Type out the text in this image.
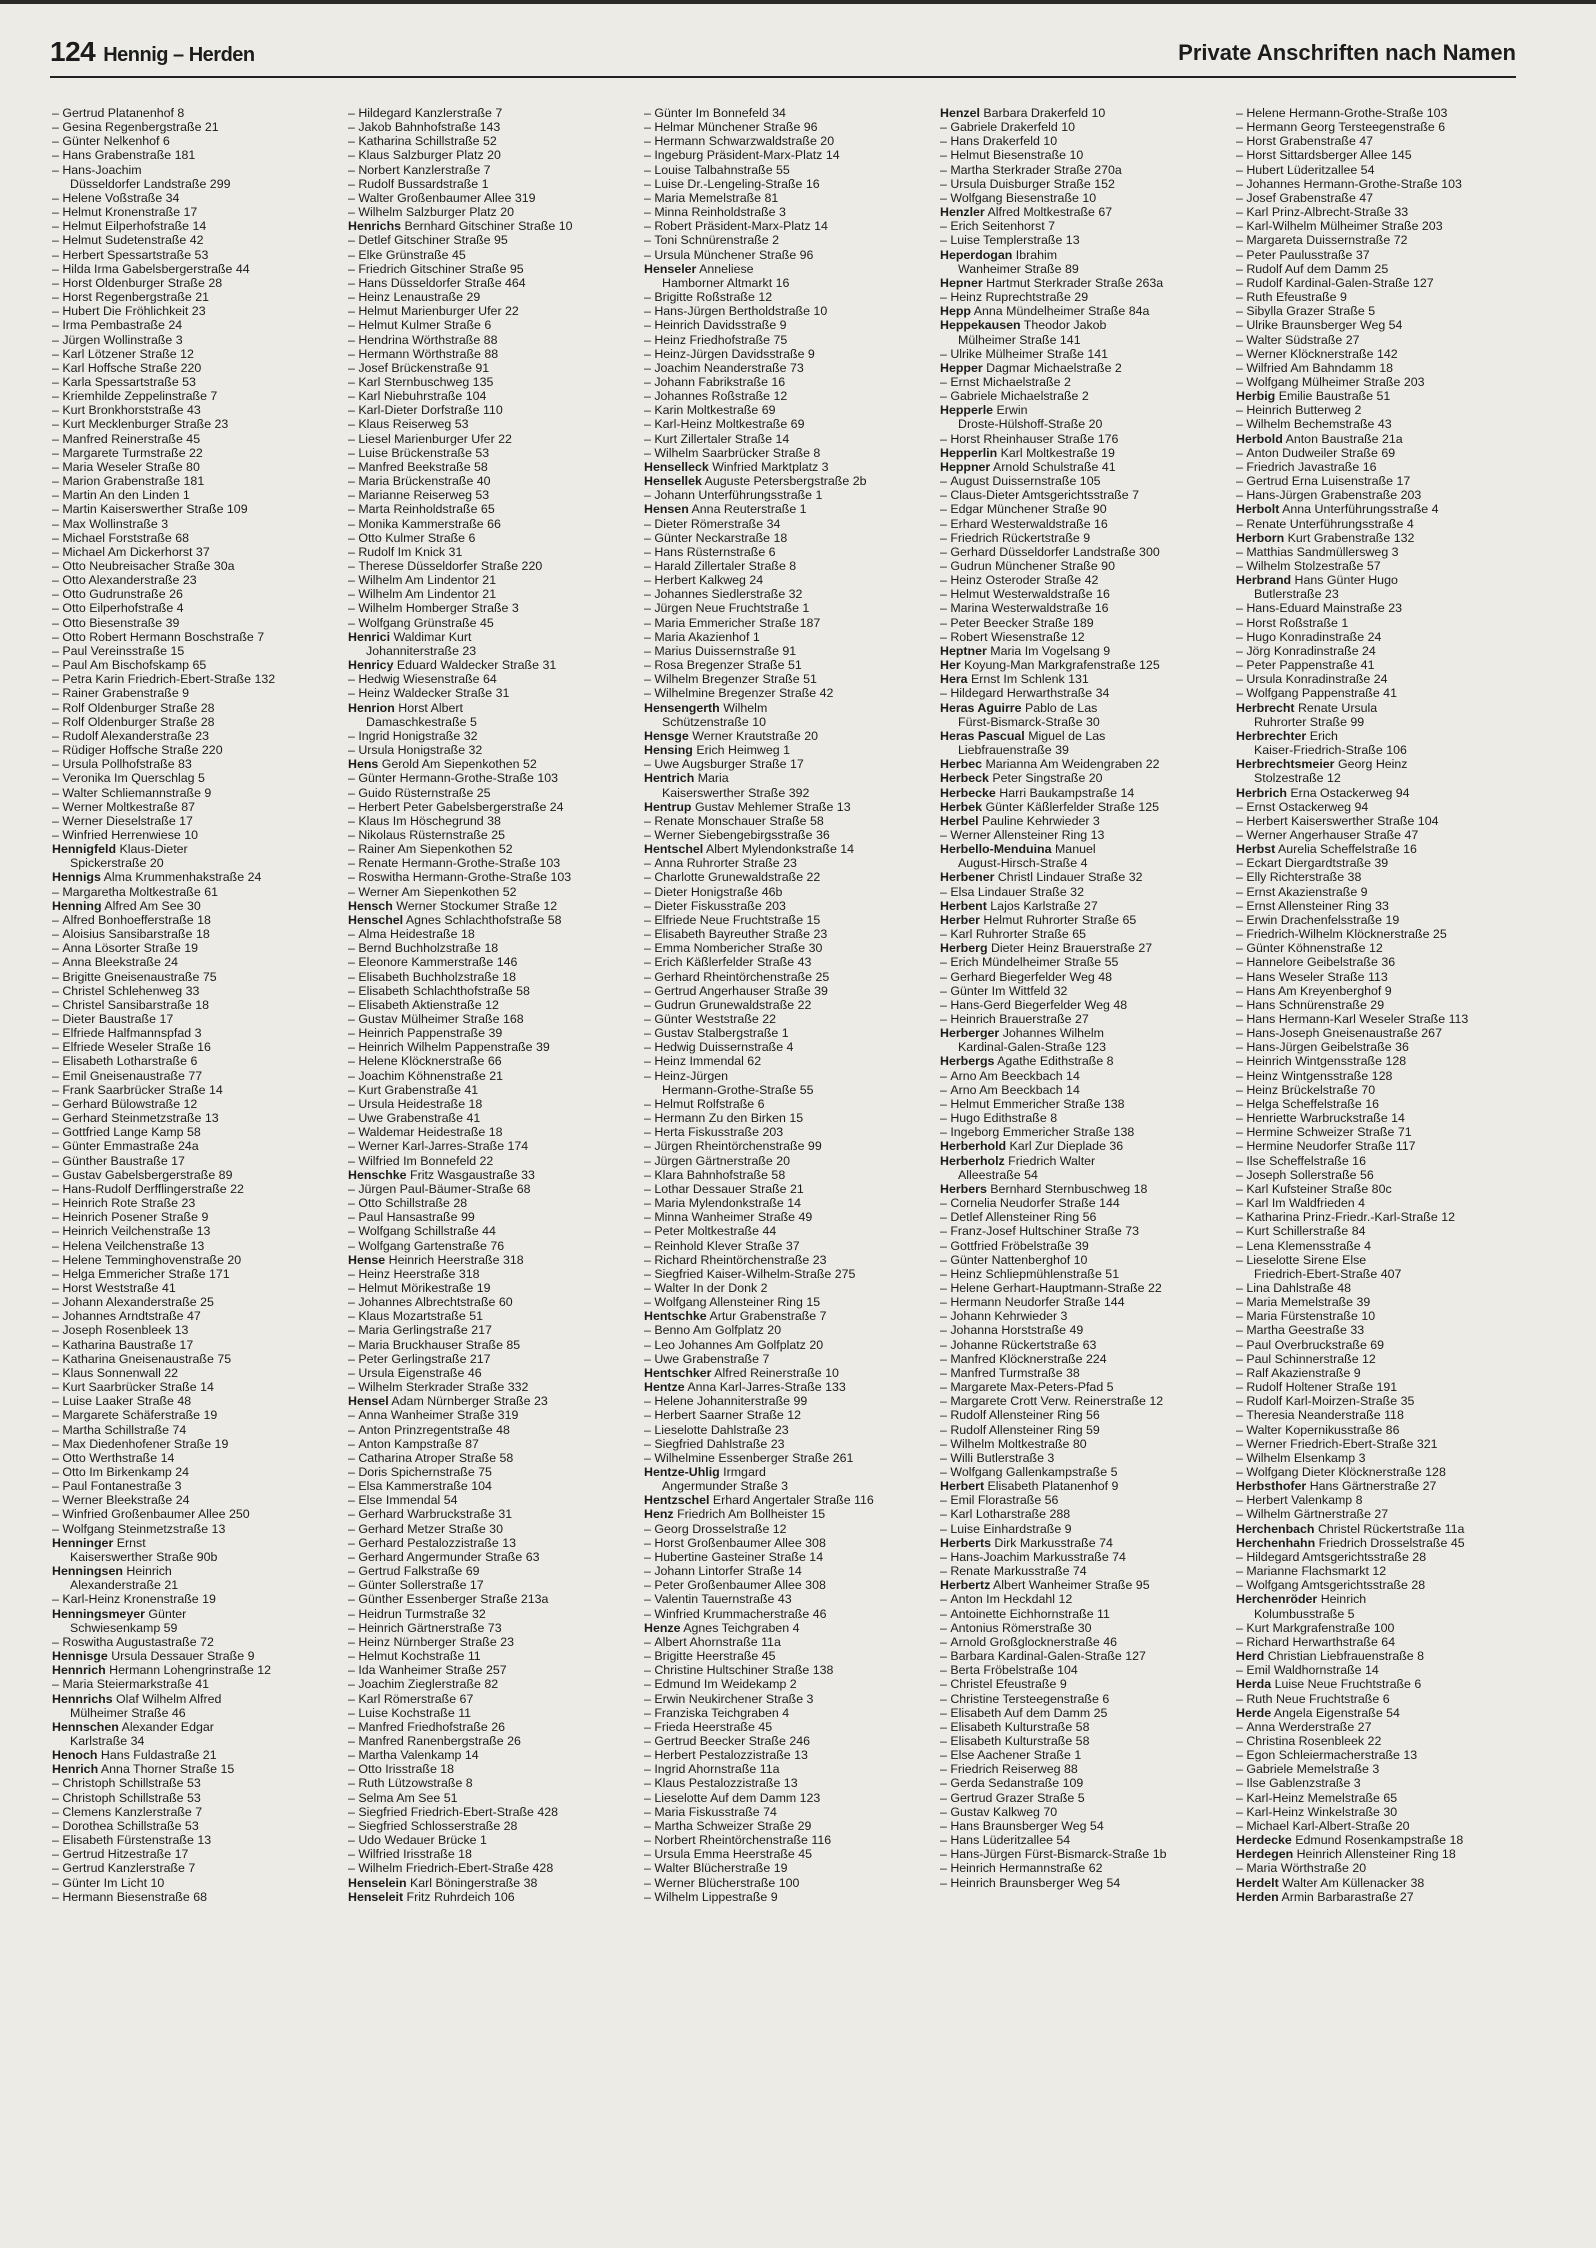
124 Hennig – Herden	Private Anschriften nach Namen
– Gertrud Platanenhof 8
– Gesina Regenbergstraße 21
– Günter Nelkenhof 6
– Hans Grabenstraße 181
– Hans-Joachim
Düsseldorfer Landstraße 299
– Helene Voßstraße 34
– Helmut Kronenstraße 17
– Helmut Eilperhofstraße 14
– Helmut Sudetenstraße 42
– Herbert Spessartstraße 53
– Hilda Irma Gabelsbergerstraße 44
– Horst Oldenburger Straße 28
– Horst Regenbergstraße 21
– Hubert Die Fröhlichkeit 23
– Irma Pembastraße 24
– Jürgen Wollinstraße 3
– Karl Lötzener Straße 12
– Karl Hoffsche Straße 220
– Karla Spessartstraße 53
– Kriemhilde Zeppelinstraße 7
– Kurt Bronkhorststraße 43
– Kurt Mecklenburger Straße 23
– Manfred Reinerstraße 45
– Margarete Turmstraße 22
– Maria Weseler Straße 80
– Marion Grabenstraße 181
– Martin An den Linden 1
– Martin Kaiserswerther Straße 109
– Max Wollinstraße 3
– Michael Forststraße 68
– Michael Am Dickerhorst 37
– Otto Neubreisacher Straße 30a
– Otto Alexanderstraße 23
– Otto Gudrunstraße 26
– Otto Eilperhofstraße 4
– Otto Biesenstraße 39
– Otto Robert Hermann Boschstraße 7
– Paul Vereinsstraße 15
– Paul Am Bischofskamp 65
– Petra Karin Friedrich-Ebert-Straße 132
– Rainer Grabenstraße 9
– Rolf Oldenburger Straße 28
– Rolf Oldenburger Straße 28
– Rudolf Alexanderstraße 23
– Rüdiger Hoffsche Straße 220
– Ursula Pollhofstraße 83
– Veronika Im Querschlag 5
– Walter Schliemannstraße 9
– Werner Moltkestraße 87
– Werner Dieselstraße 17
– Winfried Herrenwiese 10
Hennigfeld Klaus-Dieter
Spickerstraße 20
Hennigs Alma Krummenhakstraße 24
– Margaretha Moltkestraße 61
Henning Alfred Am See 30
– Alfred Bonhoefferstraße 18
– Aloisius Sansibarstraße 18
– Anna Lösorter Straße 19
– Anna Bleekstraße 24
– Brigitte Gneisenaustraße 75
– Christel Schlehenweg 33
– Christel Sansibarstraße 18
– Dieter Baustraße 17
– Elfriede Halfmannspfad 3
– Elfriede Weseler Straße 16
– Elisabeth Lotharstraße 6
– Emil Gneisenaustraße 77
– Frank Saarbrücker Straße 14
– Gerhard Bülowstraße 12
– Gerhard Steinmetzstraße 13
– Gottfried Lange Kamp 58
– Günter Emmastraße 24a
– Günther Baustraße 17
– Gustav Gabelsbergerstraße 89
– Hans-Rudolf Derfflingerstraße 22
– Heinrich Rote Straße 23
– Heinrich Posener Straße 9
– Heinrich Veilchenstraße 13
– Helena Veilchenstraße 13
– Helene Temminghovenstraße 20
– Helga Emmericher Straße 171
– Horst Weststraße 41
– Johann Alexanderstraße 25
– Johannes Arndtstraße 47
– Joseph Rosenbleek 13
– Katharina Baustraße 17
– Katharina Gneisenaustraße 75
– Klaus Sonnenwall 22
– Kurt Saarbrücker Straße 14
– Luise Laaker Straße 48
– Margarete Schäferstraße 19
– Martha Schillstraße 74
– Max Diedenhofener Straße 19
– Otto Werthstraße 14
– Otto Im Birkenkamp 24
– Paul Fontanestraße 3
– Werner Bleekstraße 24
– Winfried Großenbaumer Allee 250
– Wolfgang Steinmetzstraße 13
Henninger Ernst
Kaiserswerther Straße 90b
Henningsen Heinrich
Alexanderstraße 21
– Karl-Heinz Kronenstraße 19
Henningsmeyer Günter
Schwiesenkamp 59
– Roswitha Augustastraße 72
Hennisge Ursula Dessauer Straße 9
Hennrich Hermann Lohengrinstraße 12
– Maria Steiermarkstraße 41
Hennrichs Olaf Wilhelm Alfred
Mülheimer Straße 46
Hennschen Alexander Edgar
Karlstraße 34
Henoch Hans Fuldastraße 21
Henrich Anna Thorner Straße 15
– Christoph Schillstraße 53
– Christoph Schillstraße 53
– Clemens Kanzlerstraße 7
– Dorothea Schillstraße 53
– Elisabeth Fürstenstraße 13
– Gertrud Hitzestraße 17
– Gertrud Kanzlerstraße 7
– Günter Im Licht 10
– Hermann Biesenstraße 68
– Hildegard Kanzlerstraße 7
– Jakob Bahnhofstraße 143
– Katharina Schillstraße 52
– Klaus Salzburger Platz 20
– Norbert Kanzlerstraße 7
– Rudolf Bussardstraße 1
– Walter Großenbaumer Allee 319
– Wilhelm Salzburger Platz 20
Henrichs Bernhard Gitschiner Straße 10
– Detlef Gitschiner Straße 95
– Elke Grünstraße 45
– Friedrich Gitschiner Straße 95
– Hans Düsseldorfer Straße 464
– Heinz Lenaustraße 29
– Helmut Marienburger Ufer 22
– Helmut Kulmer Straße 6
– Hendrina Wörthstraße 88
– Hermann Wörthstraße 88
– Josef Brückenstraße 91
– Karl Sternbuschweg 135
– Karl Niebuhrstraße 104
– Karl-Dieter Dorfstraße 110
– Klaus Reiserweg 53
– Liesel Marienburger Ufer 22
– Luise Brückenstraße 53
– Manfred Beekstraße 58
– Maria Brückenstraße 40
– Marianne Reiserweg 53
– Marta Reinholdstraße 65
– Monika Kammerstraße 66
– Otto Kulmer Straße 6
– Rudolf Im Knick 31
– Therese Düsseldorfer Straße 220
– Wilhelm Am Lindentor 21
– Wilhelm Am Lindentor 21
– Wilhelm Homberger Straße 3
– Wolfgang Grünstraße 45
Henrici Waldimar Kurt
Johanniterstraße 23
Henricy Eduard Waldecker Straße 31
– Hedwig Wiesenstraße 64
– Heinz Waldecker Straße 31
Henrion Horst Albert
Damaschkestraße 5
– Ingrid Honigstraße 32
– Ursula Honigstraße 32
Hens Gerold Am Siepenkothen 52
– Günter Hermann-Grothe-Straße 103
– Guido Rüsternstraße 25
– Herbert Peter Gabelsbergerstraße 24
– Klaus Im Höschegrund 38
– Nikolaus Rüsternstraße 25
– Rainer Am Siepenkothen 52
– Renate Hermann-Grothe-Straße 103
– Roswitha Hermann-Grothe-Straße 103
– Werner Am Siepenkothen 52
Hensch Werner Stockumer Straße 12
Henschel Agnes Schlachthofstraße 58
– Alma Heidestraße 18
– Bernd Buchholzstraße 18
– Eleonore Kammerstraße 146
– Elisabeth Buchholzstraße 18
– Elisabeth Schlachthofstraße 58
– Elisabeth Aktienstraße 12
– Gustav Mülheimer Straße 168
– Heinrich Pappenstraße 39
– Heinrich Wilhelm Pappenstraße 39
– Helene Klöcknerstraße 66
– Joachim Köhnenstraße 21
– Kurt Grabenstraße 41
– Ursula Heidestraße 18
– Uwe Grabenstraße 41
– Waldemar Heidestraße 18
– Werner Karl-Jarres-Straße 174
– Wilfried Im Bonnefeld 22
Henschke Fritz Wasgaustraße 33
– Jürgen Paul-Bäumer-Straße 68
– Otto Schillstraße 28
– Paul Hansastraße 99
– Wolfgang Schillstraße 44
– Wolfgang Gartenstraße 76
Hense Heinrich Heerstraße 318
– Heinz Heerstraße 318
– Helmut Mörikestraße 19
– Johannes Albrechtstraße 60
– Klaus Mozartstraße 51
– Maria Gerlingstraße 217
– Maria Bruckhauser Straße 85
– Peter Gerlingstraße 217
– Ursula Eigenstraße 46
– Wilhelm Sterkrader Straße 332
Hensel Adam Nürnberger Straße 23
– Anna Wanheimer Straße 319
– Anton Prinzregentstraße 48
– Anton Kampstraße 87
– Catharina Atroper Straße 58
– Doris Spichernstraße 75
– Elsa Kammerstraße 104
– Else Immendal 54
– Gerhard Warbruckstraße 31
– Gerhard Metzer Straße 30
– Gerhard Pestalozzistraße 13
– Gerhard Angermunder Straße 63
– Gertrud Falkstraße 69
– Günter Sollerstraße 17
– Günther Essenberger Straße 213a
– Heidrun Turmstraße 32
– Heinrich Gärtnerstraße 73
– Heinz Nürnberger Straße 23
– Helmut Kochstraße 11
– Ida Wanheimer Straße 257
– Joachim Zieglerstraße 82
– Karl Römerstraße 67
– Luise Kochstraße 11
– Manfred Friedhofstraße 26
– Manfred Ranenbergstraße 26
– Martha Valenkamp 14
– Otto Irisstraße 18
– Ruth Lützowstraße 8
– Selma Am See 51
– Siegfried Friedrich-Ebert-Straße 428
– Siegfried Schlosserstraße 28
– Udo Wedauer Brücke 1
– Wilfried Irisstraße 18
– Wilhelm Friedrich-Ebert-Straße 428
Henselein Karl Böningerstraße 38
Henseleit Fritz Ruhrdeich 106
– Günter Im Bonnefeld 34
– Helmar Münchener Straße 96
– Hermann Schwarzwaldstraße 20
– Ingeburg Präsident-Marx-Platz 14
– Louise Talbahnstraße 55
– Luise Dr.-Lengeling-Straße 16
– Maria Memelstraße 81
– Minna Reinholdstraße 3
– Robert Präsident-Marx-Platz 14
– Toni Schnürenstraße 2
– Ursula Münchener Straße 96
Henseler Anneliese
Hamborner Altmarkt 16
– Brigitte Roßstraße 12
– Hans-Jürgen Bertholdstraße 10
– Heinrich Davidsstraße 9
– Heinz Friedhofstraße 75
– Heinz-Jürgen Davidsstraße 9
– Joachim Neanderstraße 73
– Johann Fabrikstraße 16
– Johannes Roßstraße 12
– Karin Moltkestraße 69
– Karl-Heinz Moltkestraße 69
– Kurt Zillertaler Straße 14
– Wilhelm Saarbrücker Straße 8
Henselleck Winfried Marktplatz 3
Hensellek Auguste Petersbergstraße 2b
– Johann Unterführungsstraße 1
Hensen Anna Reuterstraße 1
– Dieter Römerstraße 34
– Günter Neckarstraße 18
– Hans Rüsternstraße 6
– Harald Zillertaler Straße 8
– Herbert Kalkweg 24
– Johannes Siedlerstraße 32
– Jürgen Neue Fruchtstraße 1
– Maria Emmericher Straße 187
– Maria Akazienhof 1
– Marius Duissernstraße 91
– Rosa Bregenzer Straße 51
– Wilhelm Bregenzer Straße 51
– Wilhelmine Bregenzer Straße 42
Hensengerth Wilhelm
Schützenstraße 10
Hensge Werner Krautstraße 20
Hensing Erich Heimweg 1
– Uwe Augsburger Straße 17
Hentrich Maria
Kaiserswerther Straße 392
Hentrup Gustav Mehlemer Straße 13
– Renate Monschauer Straße 58
– Werner Siebengebirgsstraße 36
Hentschel Albert Mylendonkstraße 14
– Anna Ruhrorter Straße 23
– Charlotte Grunewaldstraße 22
– Dieter Honigstraße 46b
– Dieter Fiskusstraße 203
– Elfriede Neue Fruchtstraße 15
– Elisabeth Bayreuther Straße 23
– Emma Nombericher Straße 30
– Erich Käßlerfelder Straße 43
– Gerhard Rheintörchenstraße 25
– Gertrud Angerhauser Straße 39
– Gudrun Grunewaldstraße 22
– Günter Weststraße 22
– Gustav Stalbergstraße 1
– Hedwig Duissernstraße 4
– Heinz Immendal 62
– Heinz-Jürgen
Hermann-Grothe-Straße 55
– Helmut Rolfstraße 6
– Hermann Zu den Birken 15
– Herta Fiskusstraße 203
– Jürgen Rheintörchenstraße 99
– Jürgen Gärtnerstraße 20
– Klara Bahnhofstraße 58
– Lothar Dessauer Straße 21
– Maria Mylendonkstraße 14
– Minna Wanheimer Straße 49
– Peter Moltkestraße 44
– Reinhold Klever Straße 37
– Richard Rheintörchenstraße 23
– Siegfried Kaiser-Wilhelm-Straße 275
– Walter In der Donk 2
– Wolfgang Allensteiner Ring 15
Hentschke Artur Grabenstraße 7
– Benno Am Golfplatz 20
– Leo Johannes Am Golfplatz 20
– Uwe Grabenstraße 7
Hentschker Alfred Reinerstraße 10
Hentze Anna Karl-Jarres-Straße 133
– Helene Johanniterstraße 99
– Herbert Saarner Straße 12
– Lieselotte Dahlstraße 23
– Siegfried Dahlstraße 23
– Wilhelmine Essenberger Straße 261
Hentze-Uhlig Irmgard
Angermunder Straße 3
Hentzschel Erhard Angertaler Straße 116
Henz Friedrich Am Bollheister 15
– Georg Drosselstraße 12
– Horst Großenbaumer Allee 308
– Hubertine Gasteiner Straße 14
– Johann Lintorfer Straße 14
– Peter Großenbaumer Allee 308
– Valentin Tauernstraße 43
– Winfried Krummacherstraße 46
Henze Agnes Teichgraben 4
– Albert Ahornstraße 11a
– Brigitte Heerstraße 45
– Christine Hultschiner Straße 138
– Edmund Im Weidekamp 2
– Erwin Neukirchener Straße 3
– Franziska Teichgraben 4
– Frieda Heerstraße 45
– Gertrud Beecker Straße 246
– Herbert Pestalozzistraße 13
– Ingrid Ahornstraße 11a
– Klaus Pestalozzistraße 13
– Lieselotte Auf dem Damm 123
– Maria Fiskusstraße 74
– Martha Schweizer Straße 29
– Norbert Rheintörchenstraße 116
– Ursula Emma Heerstraße 45
– Walter Blücherstraße 19
– Werner Blücherstraße 100
– Wilhelm Lippestraße 9
Henzel Barbara Drakerfeld 10
– Gabriele Drakerfeld 10
– Hans Drakerfeld 10
– Helmut Biesenstraße 10
– Martha Sterkrader Straße 270a
– Ursula Duisburger Straße 152
– Wolfgang Biesenstraße 10
Henzler Alfred Moltkestraße 67
– Erich Seitenhorst 7
– Luise Templerstraße 13
Heperdogan Ibrahim
Wanheimer Straße 89
Hepner Hartmut Sterkrader Straße 263a
– Heinz Ruprechtstraße 29
Hepp Anna Mündelheimer Straße 84a
Heppekausen Theodor Jakob
Mülheimer Straße 141
– Ulrike Mülheimer Straße 141
Hepper Dagmar Michaelstraße 2
– Ernst Michaelstraße 2
– Gabriele Michaelstraße 2
Hepperle Erwin
Droste-Hülshoff-Straße 20
– Horst Rheinhauser Straße 176
Hepperlin Karl Moltkestraße 19
Heppner Arnold Schulstraße 41
– August Duissernstraße 105
– Claus-Dieter Amtsgerichtsstraße 7
– Edgar Münchener Straße 90
– Erhard Westerwaldstraße 16
– Friedrich Rückertstraße 9
– Gerhard Düsseldorfer Landstraße 300
– Gudrun Münchener Straße 90
– Heinz Osteroder Straße 42
– Helmut Westerwaldstraße 16
– Marina Westerwaldstraße 16
– Peter Beecker Straße 189
– Robert Wiesenstraße 12
Heptner Maria Im Vogelsang 9
Her Koyung-Man Markgrafenstraße 125
Hera Ernst Im Schlenk 131
– Hildegard Herwarthstraße 34
Heras Aguirre Pablo de Las
Fürst-Bismarck-Straße 30
Heras Pascual Miguel de Las
Liebfrauenstraße 39
Herbec Marianna Am Weidengraben 22
Herbeck Peter Singstraße 20
Herbecke Harri Baukampstraße 14
Herbek Günter Käßlerfelder Straße 125
Herbel Pauline Kehrwieder 3
– Werner Allensteiner Ring 13
Herbello-Menduina Manuel
August-Hirsch-Straße 4
Herbener Christl Lindauer Straße 32
– Elsa Lindauer Straße 32
Herbent Lajos Karlstraße 27
Herber Helmut Ruhrorter Straße 65
– Karl Ruhrorter Straße 65
Herberg Dieter Heinz Brauerstraße 27
– Erich Mündelheimer Straße 55
– Gerhard Biegerfelder Weg 48
– Günter Im Wittfeld 32
– Hans-Gerd Biegerfelder Weg 48
– Heinrich Brauerstraße 27
Herberger Johannes Wilhelm
Kardinal-Galen-Straße 123
Herbergs Agathe Edithstraße 8
– Arno Am Beeckbach 14
– Arno Am Beeckbach 14
– Helmut Emmericher Straße 138
– Hugo Edithstraße 8
– Ingeborg Emmericher Straße 138
Herberhold Karl Zur Dieplade 36
Herberholz Friedrich Walter
Alleestraße 54
Herbers Bernhard Sternbuschweg 18
– Cornelia Neudorfer Straße 144
– Detlef Allensteiner Ring 56
– Franz-Josef Hultschiner Straße 73
– Gottfried Fröbelstraße 39
– Günter Nattenberghof 10
– Heinz Schliepmühlenstraße 51
– Helene Gerhart-Hauptmann-Straße 22
– Hermann Neudorfer Straße 144
– Johann Kehrwieder 3
– Johanna Horststraße 49
– Johanne Rückertstraße 63
– Manfred Klöcknerstraße 224
– Manfred Turmstraße 38
– Margarete Max-Peters-Pfad 5
– Margarete Crott Verw. Reinerstraße 12
– Rudolf Allensteiner Ring 56
– Rudolf Allensteiner Ring 59
– Wilhelm Moltkestraße 80
– Willi Butlerstraße 3
– Wolfgang Gallenkampstraße 5
Herbert Elisabeth Platanenhof 9
– Emil Florastraße 56
– Karl Lotharstraße 288
– Luise Einhardstraße 9
Herberts Dirk Markusstraße 74
– Hans-Joachim Markusstraße 74
– Renate Markusstraße 74
Herbertz Albert Wanheimer Straße 95
– Anton Im Heckdahl 12
– Antoinette Eichhornstraße 11
– Antonius Römerstraße 30
– Arnold Großglocknerstraße 46
– Barbara Kardinal-Galen-Straße 127
– Berta Fröbelstraße 104
– Christel Efeustraße 9
– Christine Tersteegenstraße 6
– Elisabeth Auf dem Damm 25
– Elisabeth Kulturstraße 58
– Elisabeth Kulturstraße 58
– Else Aachener Straße 1
– Friedrich Reiserweg 88
– Gerda Sedanstraße 109
– Gertrud Grazer Straße 5
– Gustav Kalkweg 70
– Hans Braunsberger Weg 54
– Hans Lüderitzallee 54
– Hans-Jürgen Fürst-Bismarck-Straße 1b
– Heinrich Hermannstraße 62
– Heinrich Braunsberger Weg 54
– Helene Hermann-Grothe-Straße 103
– Hermann Georg Tersteegenstraße 6
– Horst Grabenstraße 47
– Horst Sittardsberger Allee 145
– Hubert Lüderitzallee 54
– Johannes Hermann-Grothe-Straße 103
– Josef Grabenstraße 47
– Karl Prinz-Albrecht-Straße 33
– Karl-Wilhelm Mülheimer Straße 203
– Margareta Duissernstraße 72
– Peter Paulusstraße 37
– Rudolf Auf dem Damm 25
– Rudolf Kardinal-Galen-Straße 127
– Ruth Efeustraße 9
– Sibylla Grazer Straße 5
– Ulrike Braunsberger Weg 54
– Walter Südstraße 27
– Werner Klöcknerstraße 142
– Wilfried Am Bahndamm 18
– Wolfgang Mülheimer Straße 203
Herbig Emilie Baustraße 51
– Heinrich Butterweg 2
– Wilhelm Bechemstraße 43
Herbold Anton Baustraße 21a
– Anton Dudweiler Straße 69
– Friedrich Javastraße 16
– Gertrud Erna Luisenstraße 17
– Hans-Jürgen Grabenstraße 203
Herbolt Anna Unterführungsstraße 4
– Renate Unterführungsstraße 4
Herborn Kurt Grabenstraße 132
– Matthias Sandmüllersweg 3
– Wilhelm Stolzestraße 57
Herbrand Hans Günter Hugo
Butlerstraße 23
– Hans-Eduard Mainstraße 23
– Horst Roßstraße 1
– Hugo Konradinstraße 24
– Jörg Konradinstraße 24
– Peter Pappenstraße 41
– Ursula Konradinstraße 24
– Wolfgang Pappenstraße 41
Herbrecht Renate Ursula
Ruhrorter Straße 99
Herbrechter Erich
Kaiser-Friedrich-Straße 106
Herbrechtsmeier Georg Heinz
Stolzestraße 12
Herbrich Erna Ostackerweg 94
– Ernst Ostackerweg 94
– Herbert Kaiserswerther Straße 104
– Werner Angerhauser Straße 47
Herbst Aurelia Scheffelstraße 16
– Eckart Diergardtstraße 39
– Elly Richterstraße 38
– Ernst Akazienstraße 9
– Ernst Allensteiner Ring 33
– Erwin Drachenfelsstraße 19
– Friedrich-Wilhelm Klöcknerstraße 25
– Günter Köhnenstraße 12
– Hannelore Geibelstraße 36
– Hans Weseler Straße 113
– Hans Am Kreyenberghof 9
– Hans Schnürenstraße 29
– Hans Hermann-Karl Weseler Straße 113
– Hans-Joseph Gneisenaustraße 267
– Hans-Jürgen Geibelstraße 36
– Heinrich Wintgensstraße 128
– Heinz Wintgensstraße 128
– Heinz Brückelstraße 70
– Helga Scheffelstraße 16
– Henriette Warbruckstraße 14
– Hermine Schweizer Straße 71
– Hermine Neudorfer Straße 117
– Ilse Scheffelstraße 16
– Joseph Sollerstraße 56
– Karl Kufsteiner Straße 80c
– Karl Im Waldfrieden 4
– Katharina Prinz-Friedr.-Karl-Straße 12
– Kurt Schillerstraße 84
– Lena Klemensstraße 4
– Lieselotte Sirene Else
Friedrich-Ebert-Straße 407
– Lina Dahlstraße 48
– Maria Memelstraße 39
– Maria Fürstenstraße 10
– Martha Geestraße 33
– Paul Overbruckstraße 69
– Paul Schinnerstraße 12
– Ralf Akazienstraße 9
– Rudolf Holtener Straße 191
– Rudolf Karl-Moirzen-Straße 35
– Theresia Neanderstraße 118
– Walter Kopernikusstraße 86
– Werner Friedrich-Ebert-Straße 321
– Wilhelm Elsenkamp 3
– Wolfgang Dieter Klöcknerstraße 128
Herbsthofer Hans Gärtnerstraße 27
– Herbert Valenkamp 8
– Wilhelm Gärtnerstraße 27
Herchenbach Christel Rückertstraße 11a
Herchenhahn Friedrich Drosselstraße 45
– Hildegard Amtsgerichtsstraße 28
– Marianne Flachsmarkt 12
– Wolfgang Amtsgerichtsstraße 28
Herchenröder Heinrich
Kolumbusstraße 5
– Kurt Markgrafenstraße 100
– Richard Herwarthstraße 64
Herd Christian Liebfrauenstraße 8
– Emil Waldhornstraße 14
Herda Luise Neue Fruchtstraße 6
– Ruth Neue Fruchtstraße 6
Herde Angela Eigenstraße 54
– Anna Werderstraße 27
– Christina Rosenbleek 22
– Egon Schleiermacherstraße 13
– Gabriele Memelstraße 3
– Ilse Gablenzstraße 3
– Karl-Heinz Memelstraße 65
– Karl-Heinz Winkelstraße 30
– Michael Karl-Albert-Straße 20
Herdecke Edmund Rosenkampstraße 18
Herdegen Heinrich Allensteiner Ring 18
– Maria Wörthstraße 20
Herdelt Walter Am Küllenacker 38
Herden Armin Barbarastraße 27
